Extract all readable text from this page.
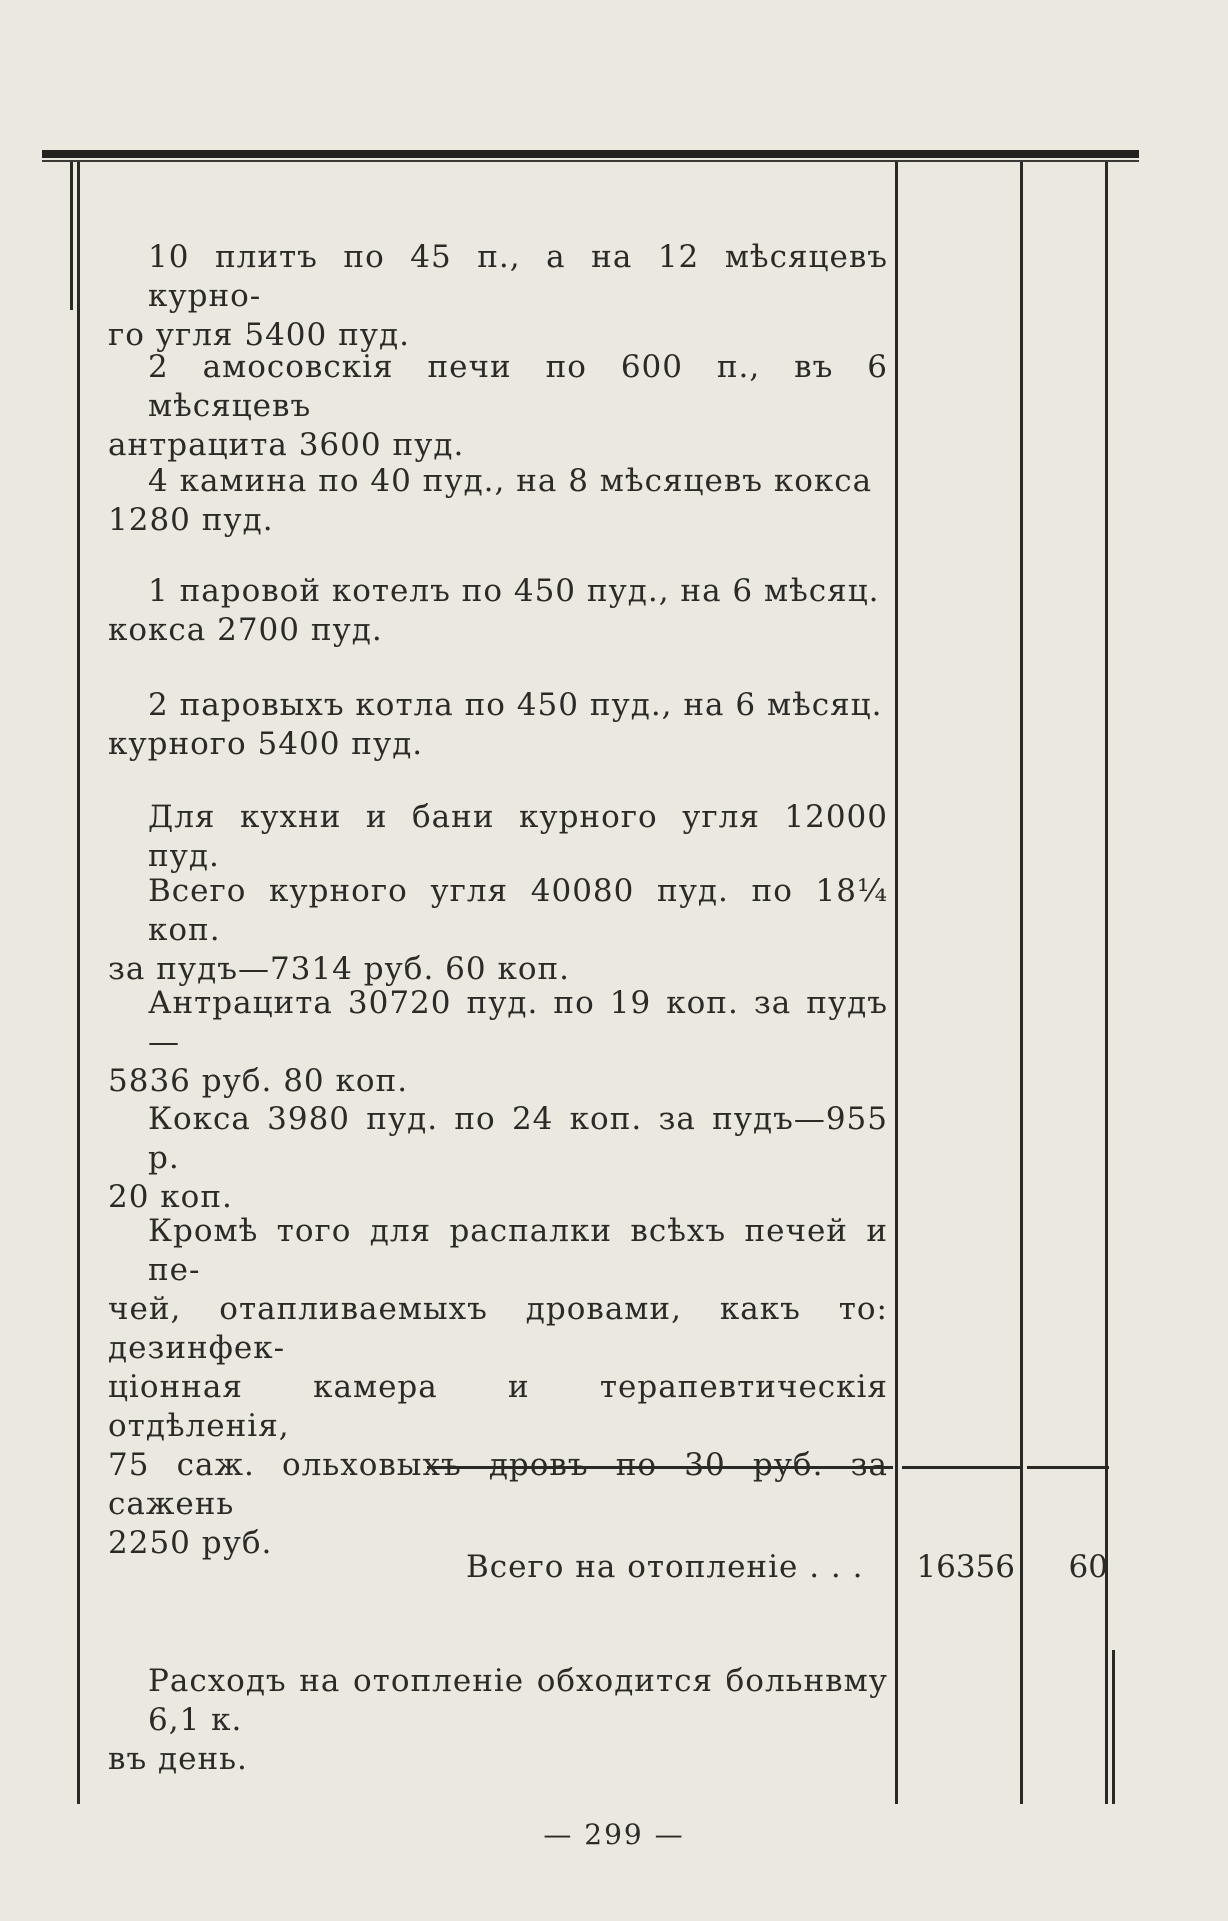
10 плитъ по 45 п., а на 12 мѣсяцевъ курно-
го угля 5400 пуд.
2 амосовскія печи по 600 п., въ 6 мѣсяцевъ
антрацита 3600 пуд.
4 камина по 40 пуд., на 8 мѣсяцевъ кокса
1280 пуд.
1 паровой котелъ по 450 пуд., на 6 мѣсяц.
кокса 2700 пуд.
2 паровыхъ котла по 450 пуд., на 6 мѣсяц.
курного 5400 пуд.
Для кухни и бани курного угля 12000 пуд.
Всего курного угля 40080 пуд. по 18¼ коп.
за пудъ—7314 руб. 60 коп.
Антрацита 30720 пуд. по 19 коп. за пудъ—
5836 руб. 80 коп.
Кокса 3980 пуд. по 24 коп. за пудъ—955 р.
20 коп.
Кромѣ того для распалки всѣхъ печей и пе-
чей, отапливаемыхъ дровами, какъ то: дезинфек-
ціонная камера и терапевтическія отдѣленія,
75 саж. ольховыхъ дровъ по 30 руб. за сажень
2250 руб.
Всего на отопленіе . . .	16356	60
Расходъ на отопленіе обходится больнвму 6,1 к.
въ день.
— 299 —
